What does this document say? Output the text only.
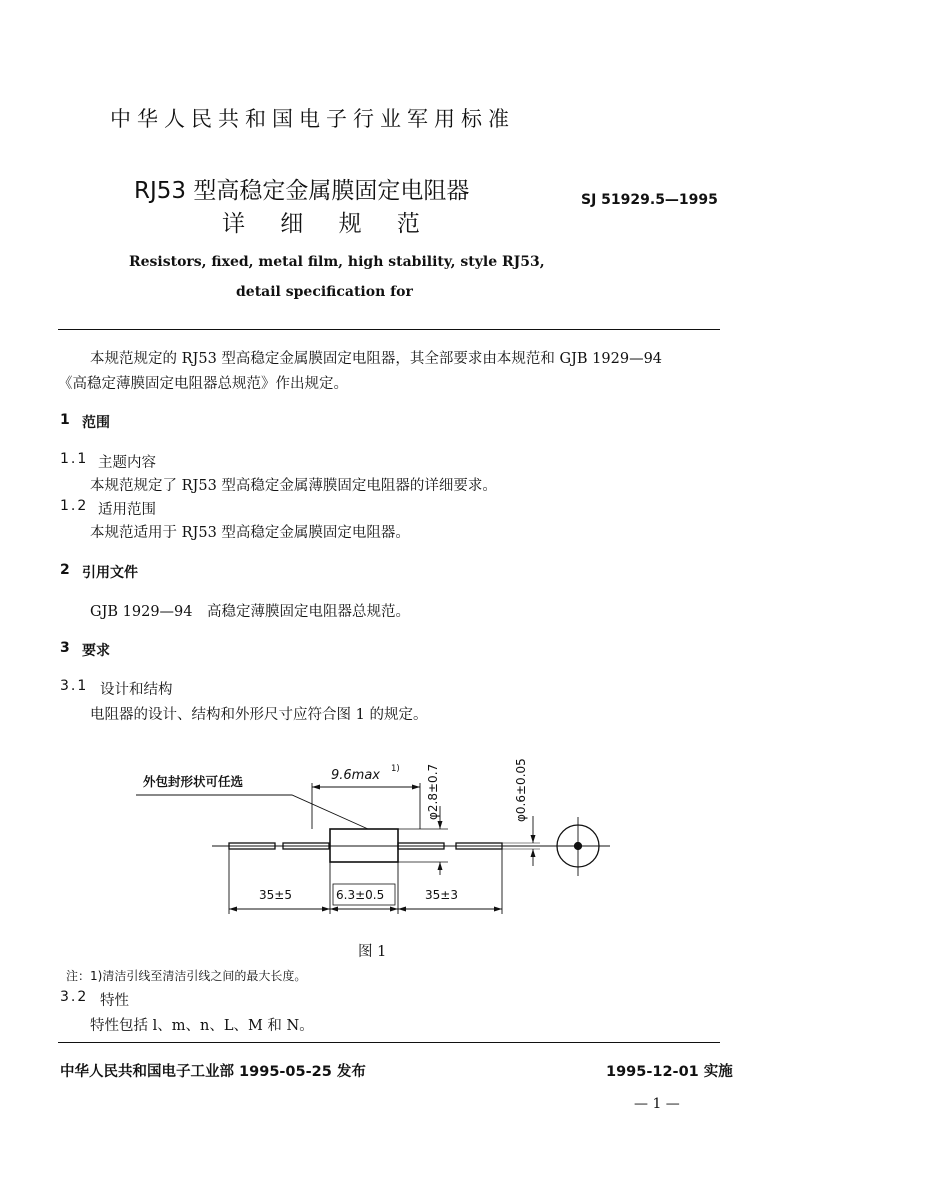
中华人民共和国电子行业军用标准
RJ53 型高稳定金属膜固定电阻器
详 细 规 范
SJ 51929.5—1995
Resistors, fixed, metal film, high stability, style RJ53,
detail specification for
本规范规定的 RJ53 型高稳定金属膜固定电阻器，其全部要求由本规范和 GJB 1929—94
《高稳定薄膜固定电阻器总规范》作出规定。
1 范围
1.1 主题内容
本规范规定了 RJ53 型高稳定金属薄膜固定电阻器的详细要求。
1.2 适用范围
本规范适用于 RJ53 型高稳定金属膜固定电阻器。
2 引用文件
GJB 1929—94　高稳定薄膜固定电阻器总规范。
3 要求
3.1 设计和结构
电阻器的设计、结构和外形尺寸应符合图 1 的规定。
外包封形状可任选	9.6max 1) φ2.8±0.7	φ0.6±0.05
35±5	6.3±0.5	35±3
图 1
注：1)清洁引线至清洁引线之间的最大长度。
3.2 特性
特性包括 l、m、n、L、M 和 N。
中华人民共和国电子工业部 1995-05-25 发布	1995-12-01 实施
— 1 —
